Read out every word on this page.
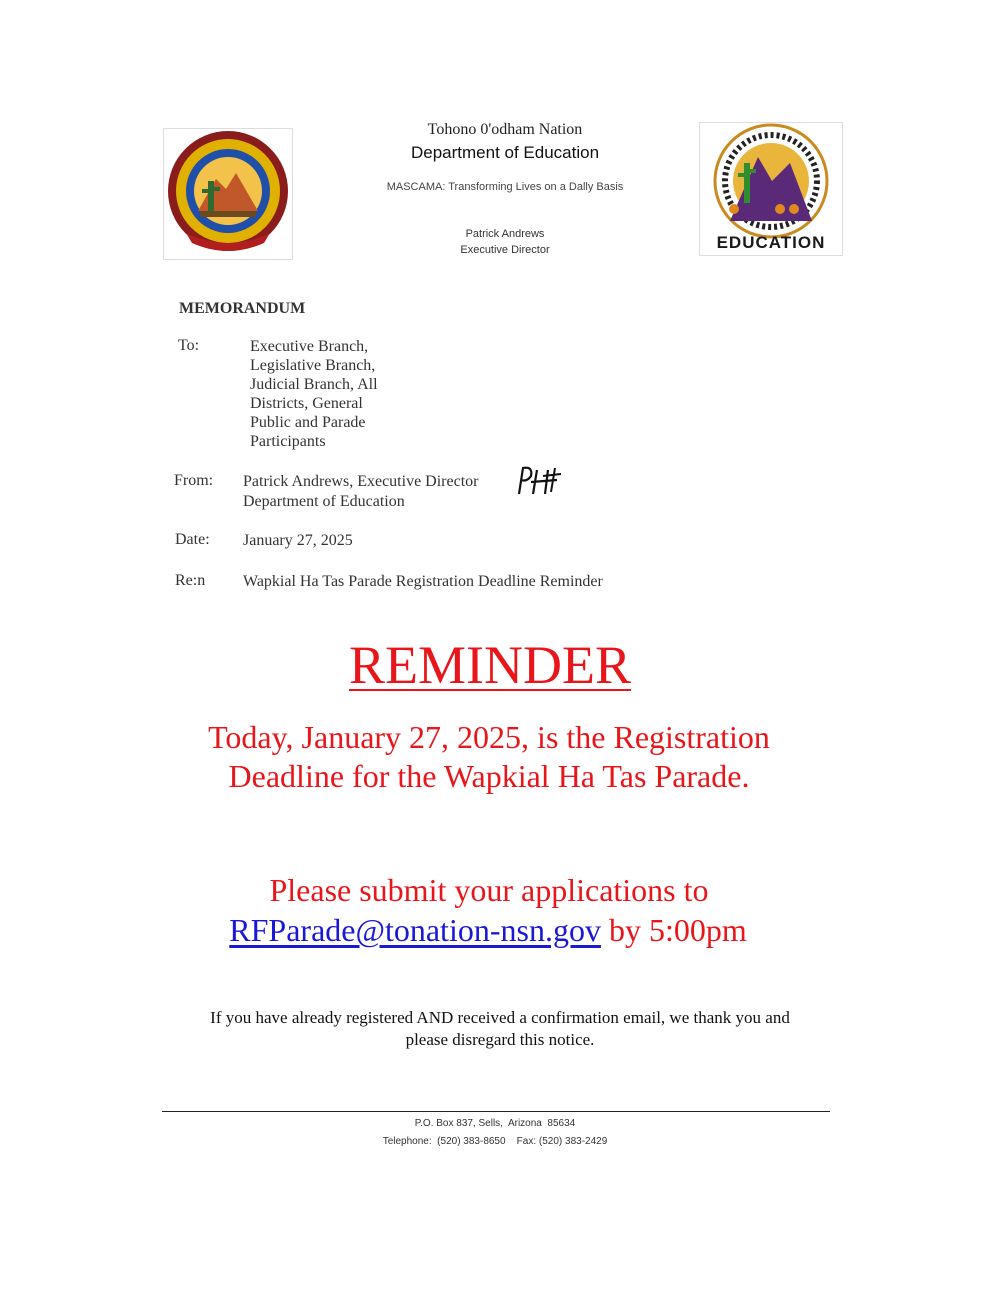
Tohono 0'odham Nation
Department of Education
MASCAMA: Transforming Lives on a Dally Basis
Patrick Andrews
Executive Director	EDUCATION
MEMORANDUM
To:	Executive Branch,
Legislative Branch,
Judicial Branch, All
Districts, General
Public and Parade
Participants
From: Patrick Andrews, Executive Director
Department of Education
Date: January 27, 2025
Re:n Wapkial Ha Tas Parade Registration Deadline Reminder
REMINDER
Today, January 27, 2025, is the Registration
Deadline for the Wapkial Ha Tas Parade.
Please submit your applications to
RFParade@tonation-nsn.gov by 5:00pm
If you have already registered AND received a confirmation email, we thank you and
please disregard this notice.
P.O. Box 837, Sells,  Arizona  85634
Telephone:  (520) 383-8650    Fax: (520) 383-2429
